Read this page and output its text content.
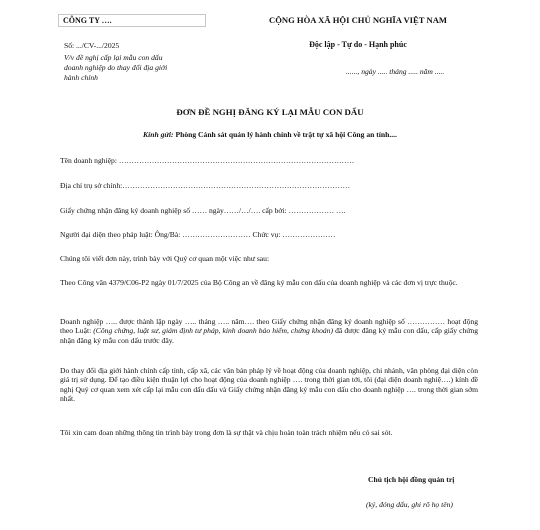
CÔNG TY ….
Số: .../CV-.../2025
V/v đề nghị cấp lại mẫu con dấu
doanh nghiệp do thay đổi địa giới
hành chính
CỘNG HÒA XÃ HỘI CHỦ NGHĨA VIỆT NAM
Độc lập - Tự do - Hạnh phúc
......, ngày ..... tháng ..... năm .....
ĐƠN ĐỀ NGHỊ ĐĂNG KÝ LẠI MẪU CON DẤU
Kính gửi: Phòng Cảnh sát quản lý hành chính về trật tự xã hội Công an tỉnh....
Tên doanh nghiệp: …………………………………………………………………………………
Địa chỉ trụ sở chính:………………………………………………………………………………
Giấy chứng nhận đăng ký doanh nghiệp số …… ngày……/…/…. cấp bởi: ……………… ….
Người đại diện theo pháp luật: Ông/Bà: ……………………… Chức vụ: …………………
Chúng tôi viết đơn này, trình bày với Quý cơ quan một việc như sau:
Theo Công văn 4379/C06-P2 ngày 01/7/2025 của Bộ Công an về đăng ký mẫu con dấu của doanh nghiệp và các đơn vị trực thuộc.
Doanh nghiệp ….. được thành lập ngày ….. tháng ….. năm…. theo Giấy chứng nhận đăng ký doanh nghiệp số …………… hoạt động theo Luật: (Công chứng, luật sư, giám định tư pháp, kinh doanh bảo hiểm, chứng khoán) đã được đăng ký mẫu con dấu, cấp giấy chứng nhận đăng ký mẫu con dấu trước đây.
Do thay đổi địa giới hành chính cấp tỉnh, cấp xã, các văn bản pháp lý về hoạt động của doanh nghiệp, chi nhánh, văn phòng đại diện còn giá trị sử dụng. Để tạo điều kiện thuận lợi cho hoạt động của doanh nghiệp …. trong thời gian tới, tôi (đại diện doanh nghiệ….) kính đề nghị Quý cơ quan xem xét cấp lại mẫu con dấu dấu và Giấy chứng nhận đăng ký mẫu con dấu cho doanh nghiệp …. trong thời gian sớm nhất.
Tôi xin cam đoan những thông tin trình bày trong đơn là sự thật và chịu hoàn toàn trách nhiệm nếu có sai sót.
Chủ tịch hội đồng quản trị
(ký, đóng dấu, ghi rõ họ tên)
